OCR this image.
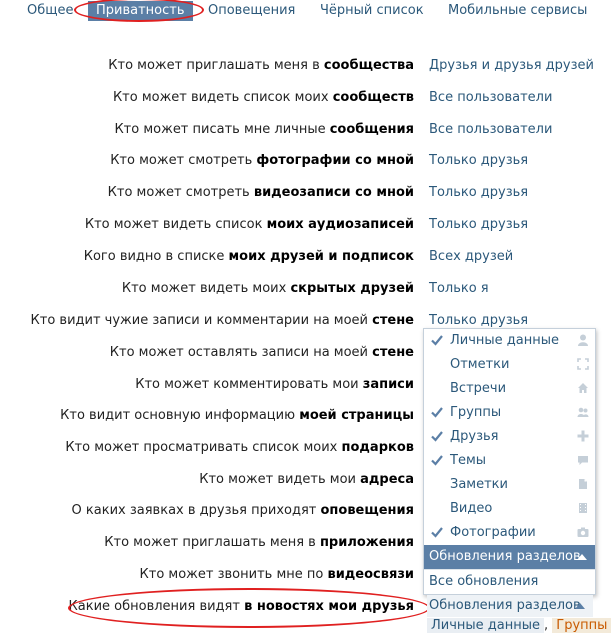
Общее	Приватность	Оповещения Чёрный список Мобильные сервисы
Кто может приглашать меня в сообщества Друзья и друзья друзей
Кто может видеть список моих сообществ Все пользователи
Кто может писать мне личные сообщения Все пользователи
Кто может смотреть фотографии со мной Только друзья
Кто может смотреть видеозаписи со мной Только друзья
Кто может видеть список моих аудиозаписей Только друзья
Кого видно в списке моих друзей и подписок Всех друзей
Кто может видеть моих скрытых друзей Только я
Кто видит чужие записи и комментарии на моей стене Только друзья
Кто может оставлять записи на моей стене
Кто может комментировать мои записи
Кто видит основную информацию моей страницы
Кто может просматривать список моих подарков
Кто может видеть мои адреса
О каких заявках в друзья приходят оповещения
Кто может приглашать меня в приложения
Кто может звонить мне по видеосвязи
Какие обновления видят в новостях мои друзья
Личные данные
Отметки
Встречи
Группы
Друзья
Темы
Заметки
Видео
Фотографии
Обновления разделов
Все обновления
Обновления разделов
Личные данные , Группы
